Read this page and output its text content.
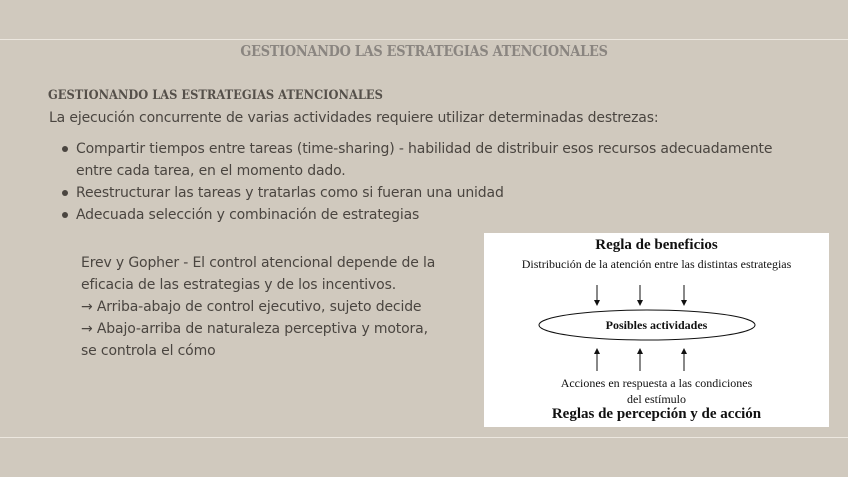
GESTIONANDO LAS ESTRATEGIAS ATENCIONALES
GESTIONANDO LAS ESTRATEGIAS ATENCIONALES
La ejecución concurrente de varias actividades requiere utilizar determinadas destrezas:
Compartir tiempos entre tareas (time-sharing) - habilidad de distribuir esos recursos adecuadamente entre cada tarea, en el momento dado.
Reestructurar las tareas y tratarlas como si fueran una unidad
Adecuada selección y combinación de estrategias
Erev y Gopher - El control atencional depende de la eficacia de las estrategias y de los incentivos.
→ Arriba-abajo de control ejecutivo, sujeto decide
→ Abajo-arriba de naturaleza perceptiva y motora, se controla el cómo
Regla de beneficios
Distribución de la atención entre las distintas estrategias
Posibles actividades
Acciones en respuesta a las condiciones
del estímulo
Reglas de percepción y de acción
